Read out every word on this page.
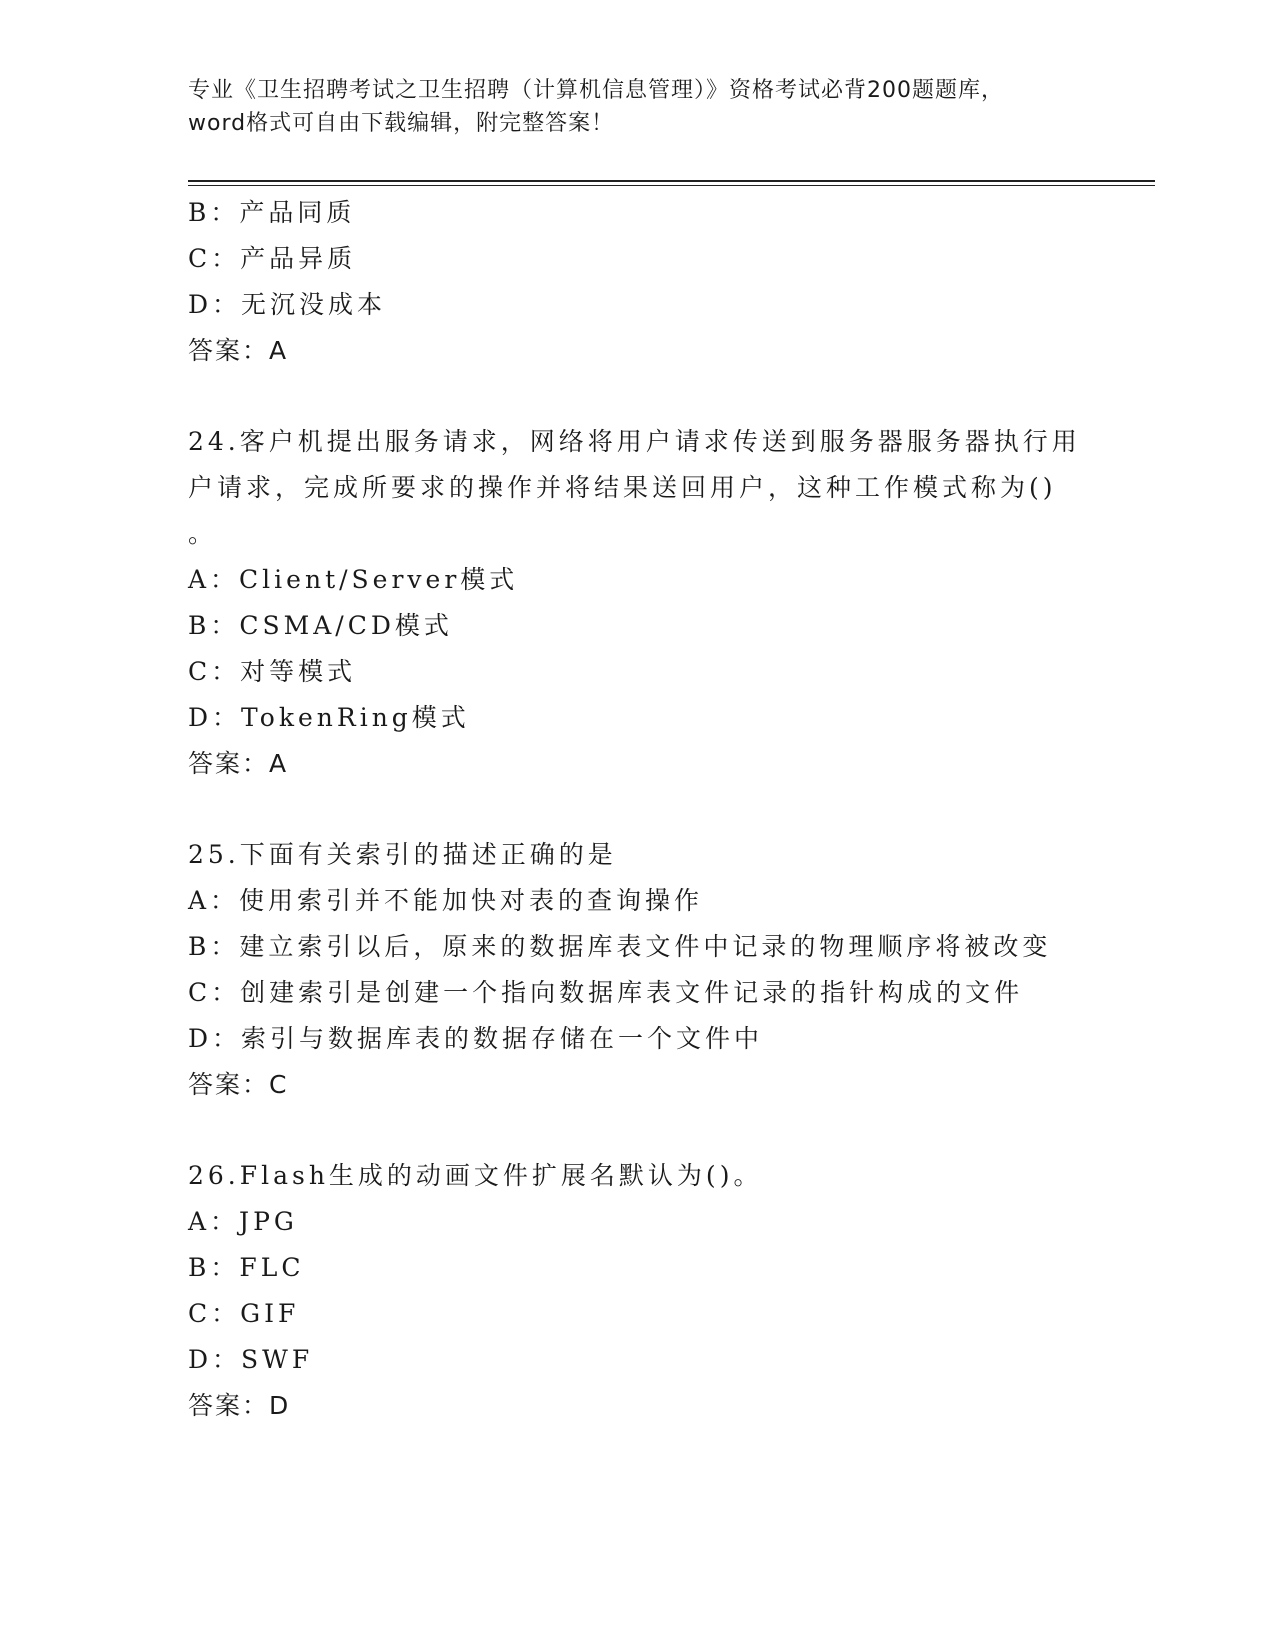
专业《卫生招聘考试之卫生招聘（计算机信息管理）》资格考试必背200题题库，
word格式可自由下载编辑，附完整答案！
B：产品同质
C：产品异质
D：无沉没成本
答案：A
24.客户机提出服务请求，网络将用户请求传送到服务器服务器执行用
户请求，完成所要求的操作并将结果送回用户，这种工作模式称为()
。
A：Client/Server模式
B：CSMA/CD模式
C：对等模式
D：TokenRing模式
答案：A
25.下面有关索引的描述正确的是
A：使用索引并不能加快对表的查询操作
B：建立索引以后，原来的数据库表文件中记录的物理顺序将被改变
C：创建索引是创建一个指向数据库表文件记录的指针构成的文件
D：索引与数据库表的数据存储在一个文件中
答案：C
26.Flash生成的动画文件扩展名默认为()。
A：JPG
B：FLC
C：GIF
D：SWF
答案：D
